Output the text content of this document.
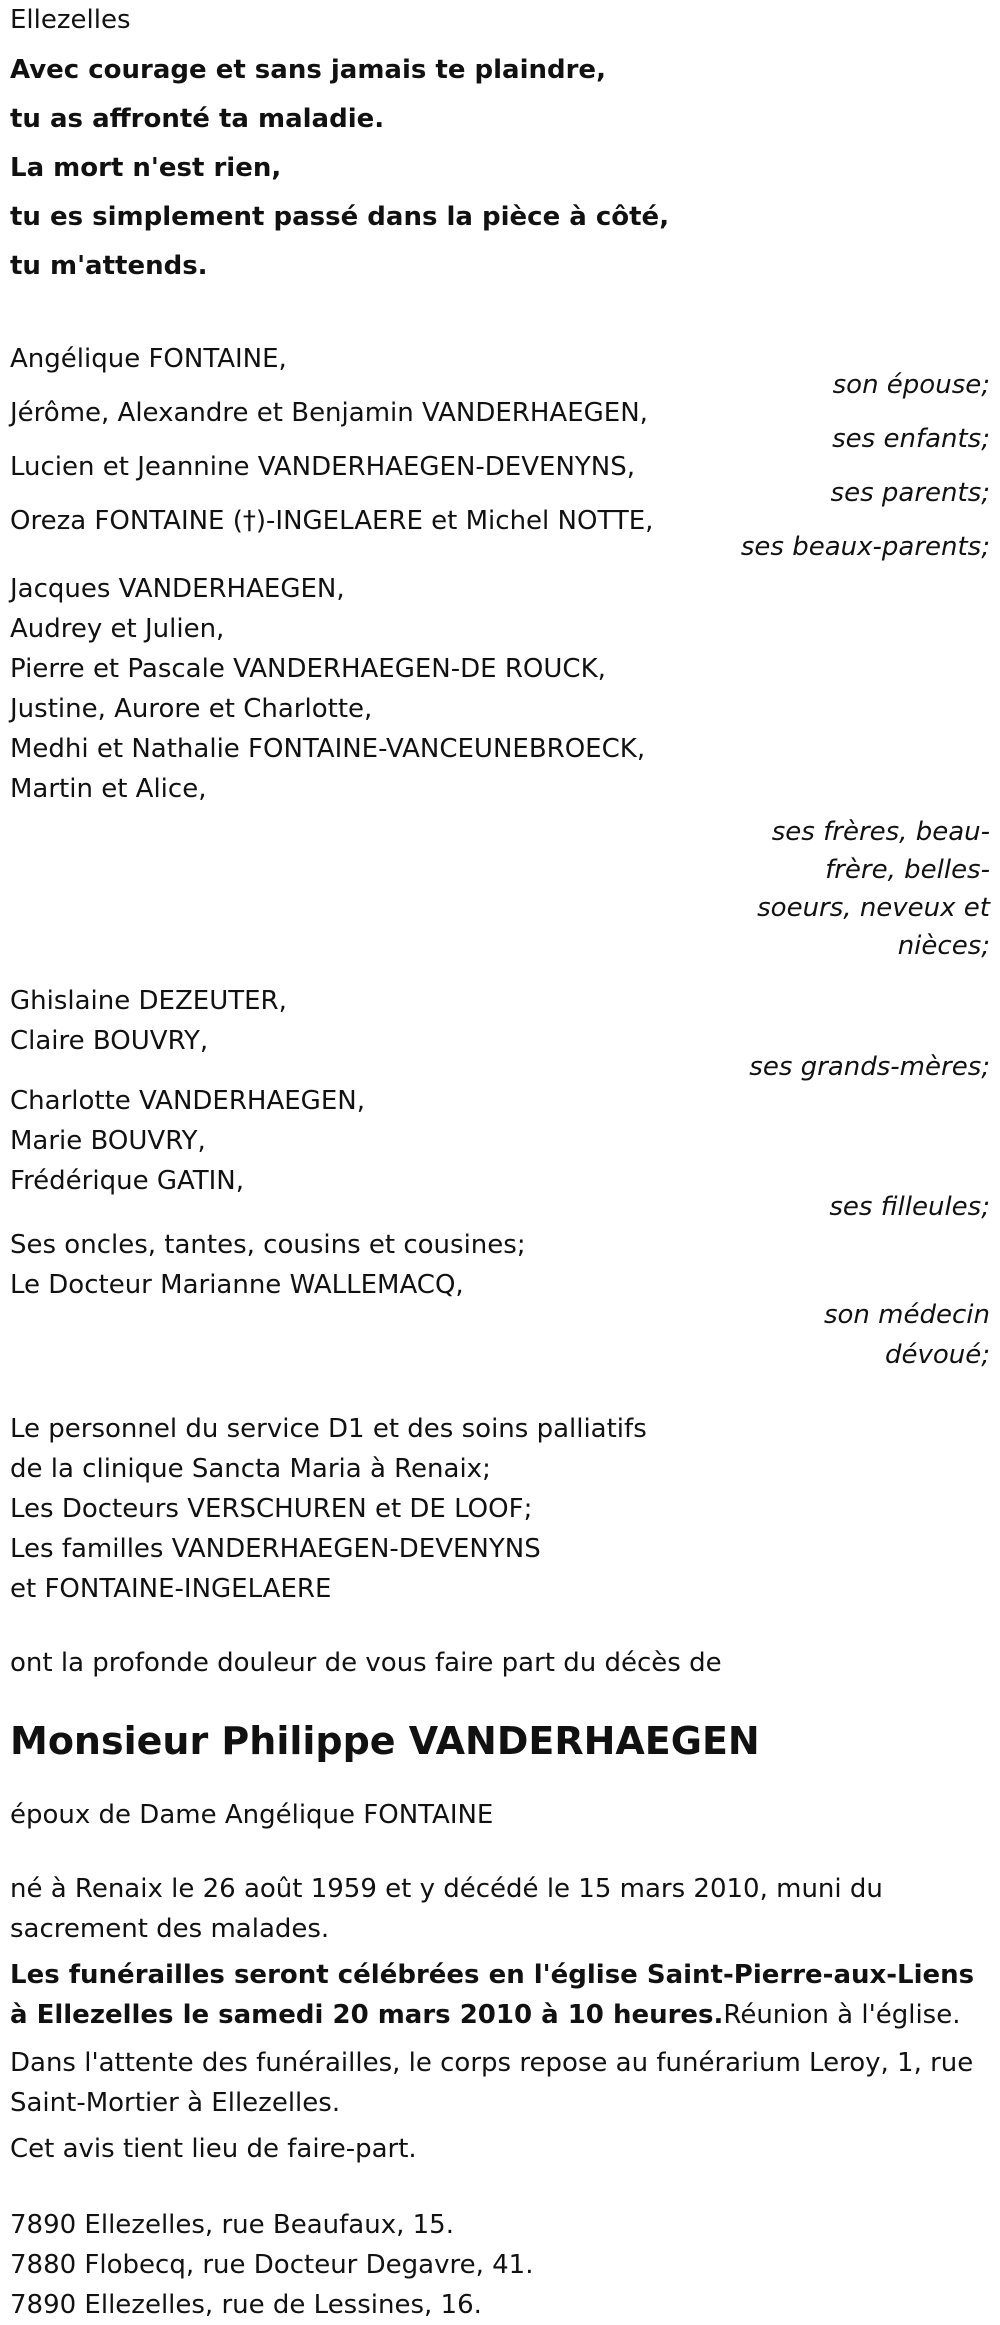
Ellezelles
Avec courage et sans jamais te plaindre,
tu as affronté ta maladie.
La mort n'est rien,
tu es simplement passé dans la pièce à côté,
tu m'attends.
Angélique FONTAINE,
son épouse;
Jérôme, Alexandre et Benjamin VANDERHAEGEN,
ses enfants;
Lucien et Jeannine VANDERHAEGEN-DEVENYNS,
ses parents;
Oreza FONTAINE (†)-INGELAERE et Michel NOTTE,
ses beaux-parents;
Jacques VANDERHAEGEN,
Audrey et Julien,
Pierre et Pascale VANDERHAEGEN-DE ROUCK,
Justine, Aurore et Charlotte,
Medhi et Nathalie FONTAINE-VANCEUNEBROECK,
Martin et Alice,
ses frères, beau-frère, belles-soeurs, neveux et nièces;
Ghislaine DEZEUTER,
Claire BOUVRY,
ses grands-mères;
Charlotte VANDERHAEGEN,
Marie BOUVRY,
Frédérique GATIN,
ses filleules;
Ses oncles, tantes, cousins et cousines;
Le Docteur Marianne WALLEMACQ,
son médecin dévoué;
Le personnel du service D1 et des soins palliatifs
de la clinique Sancta Maria à Renaix;
Les Docteurs VERSCHUREN et DE LOOF;
Les familles VANDERHAEGEN-DEVENYNS
et FONTAINE-INGELAERE
ont la profonde douleur de vous faire part du décès de
Monsieur Philippe VANDERHAEGEN
époux de Dame Angélique FONTAINE
né à Renaix le 26 août 1959 et y décédé le 15 mars 2010, muni du sacrement des malades.
Les funérailles seront célébrées en l'église Saint-Pierre-aux-Liens à Ellezelles le samedi 20 mars 2010 à 10 heures.Réunion à l'église.
Dans l'attente des funérailles, le corps repose au funérarium Leroy, 1, rue Saint-Mortier à Ellezelles.
Cet avis tient lieu de faire-part.
7890 Ellezelles, rue Beaufaux, 15.
7880 Flobecq, rue Docteur Degavre, 41.
7890 Ellezelles, rue de Lessines, 16.
